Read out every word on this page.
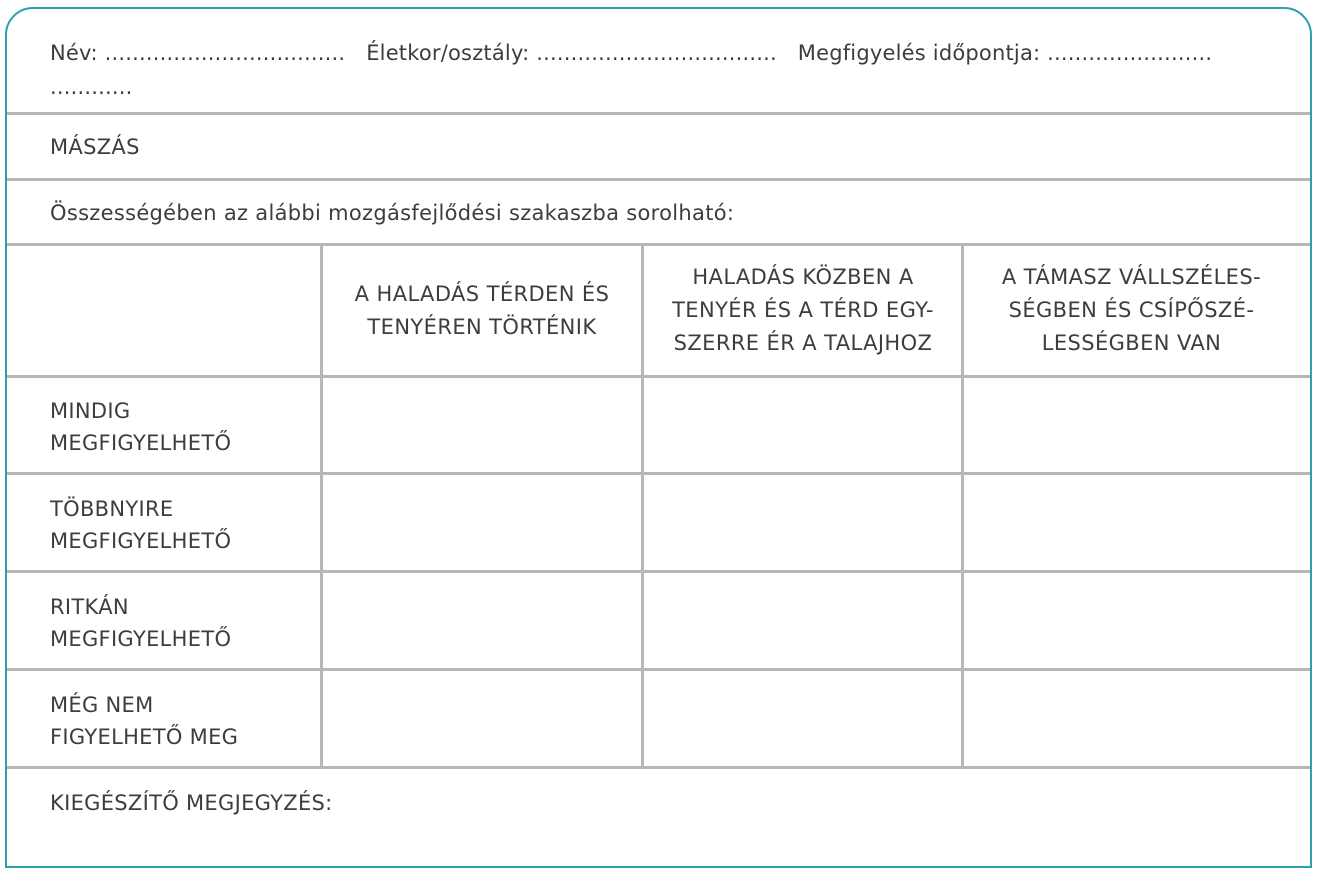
Név: ................................... Életkor/osztály: ................................... Megfigyelés időpontja: ........................ ............
MÁSZÁS
Összességében az alábbi mozgásfejlődési szakaszba sorolható:
A HALADÁS TÉRDEN ÉS
TENYÉREN TÖRTÉNIK
HALADÁS KÖZBEN A
TENYÉR ÉS A TÉRD EGY-
SZERRE ÉR A TALAJHOZ
A TÁMASZ VÁLLSZÉLES-
SÉGBEN ÉS CSÍPŐSZÉ-
LESSÉGBEN VAN
MINDIG
MEGFIGYELHETŐ
TÖBBNYIRE
MEGFIGYELHETŐ
RITKÁN
MEGFIGYELHETŐ
MÉG NEM
FIGYELHETŐ MEG
KIEGÉSZÍTŐ MEGJEGYZÉS:
